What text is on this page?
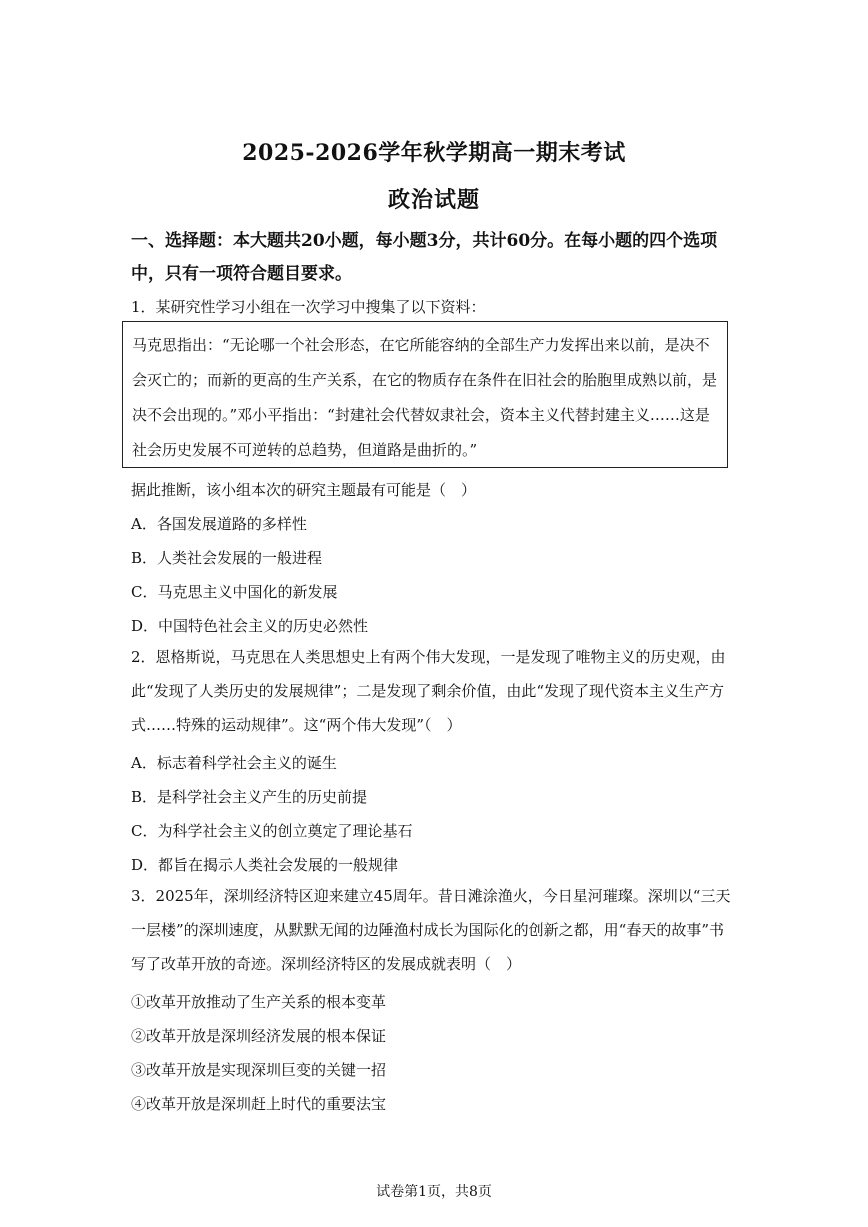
2025-2026学年秋学期高一期末考试
政治试题
一、选择题：本大题共20小题，每小题3分，共计60分。在每小题的四个选项中，只有一项符合题目要求。
1．某研究性学习小组在一次学习中搜集了以下资料：
马克思指出：“无论哪一个社会形态，在它所能容纳的全部生产力发挥出来以前，是决不会灭亡的；而新的更高的生产关系，在它的物质存在条件在旧社会的胎胞里成熟以前，是决不会出现的。”邓小平指出：“封建社会代替奴隶社会，资本主义代替封建主义……这是社会历史发展不可逆转的总趋势，但道路是曲折的。”
据此推断，该小组本次的研究主题最有可能是（　）
A．各国发展道路的多样性
B．人类社会发展的一般进程
C．马克思主义中国化的新发展
D．中国特色社会主义的历史必然性
2．恩格斯说，马克思在人类思想史上有两个伟大发现，一是发现了唯物主义的历史观，由此“发现了人类历史的发展规律”；二是发现了剩余价值，由此“发现了现代资本主义生产方式……特殊的运动规律”。这“两个伟大发现”（　）
A．标志着科学社会主义的诞生
B．是科学社会主义产生的历史前提
C．为科学社会主义的创立奠定了理论基石
D．都旨在揭示人类社会发展的一般规律
3．2025年，深圳经济特区迎来建立45周年。昔日滩涂渔火，今日星河璀璨。深圳以“三天一层楼”的深圳速度，从默默无闻的边陲渔村成长为国际化的创新之都，用“春天的故事”书写了改革开放的奇迹。深圳经济特区的发展成就表明（　）
①改革开放推动了生产关系的根本变革
②改革开放是深圳经济发展的根本保证
③改革开放是实现深圳巨变的关键一招
④改革开放是深圳赶上时代的重要法宝
试卷第1页，共8页
